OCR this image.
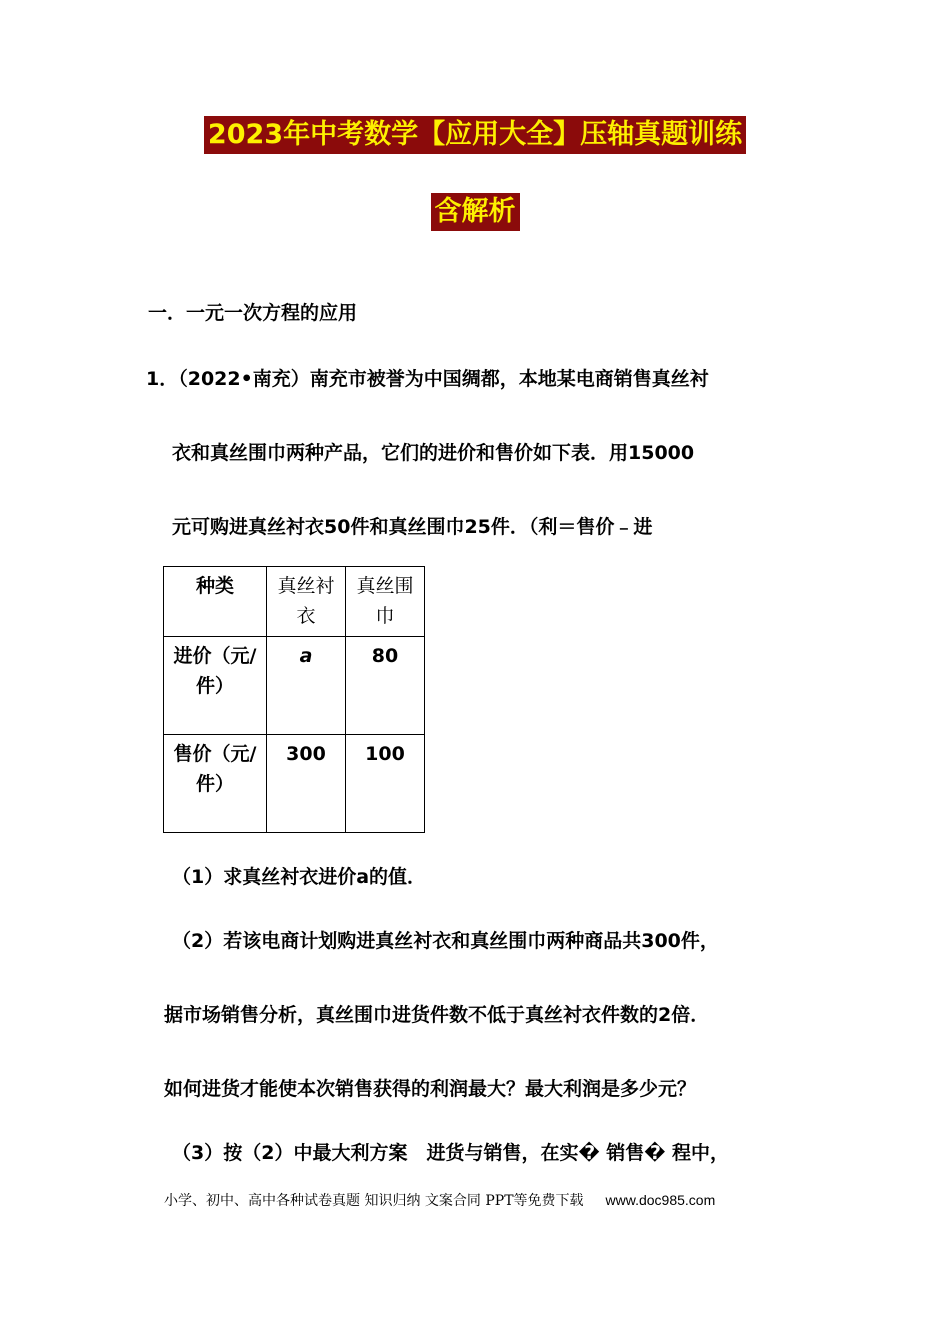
2023年中考数学【应用大全】压轴真题训练
含解析
一．一元一次方程的应用
1．（2022•南充）南充市被誉为中国绸都，本地某电商销售真丝衬
衣和真丝围巾两种产品，它们的进价和售价如下表．用15000
元可购进真丝衬衣50件和真丝围巾25件．（利＝售价﹣进
种类	真丝衬衣	真丝围巾
进价（元/件）	a	80
售价（元/件）	300	100
（1）求真丝衬衣进价a的值．
（2）若该电商计划购进真丝衬衣和真丝围巾两种商品共300件，
据市场销售分析，真丝围巾进货件数不低于真丝衬衣件数的2倍．
如何进货才能使本次销售获得的利润最大？最大利润是多少元？
（3）按（2）中最大利方案　进货与销售，在实� 销售� 程中，
小学、初中、高中各种试卷真题 知识归纳 文案合同 PPT等免费下载 www.doc985.com
